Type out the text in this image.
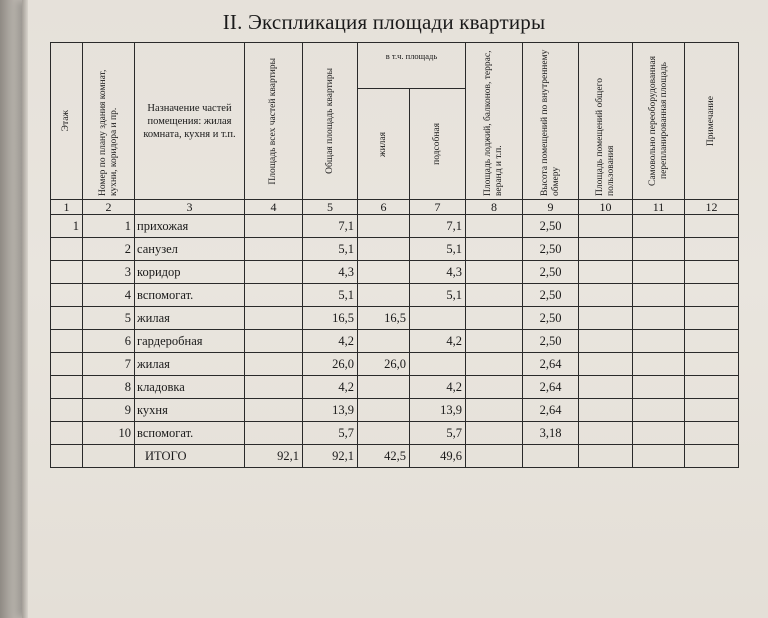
II. Экспликация площади квартиры
Этаж	Номер по плану здания комнат, кухни, коридора и пр.	Назначение частей помещения: жилая комната, кухня и т.п.	Площадь всех частей квартиры	Общая площадь квартиры	в т.ч. площадь		Площадь лоджий, балконов, террас, веранд и т.п.	Высота помещений по внутреннему обмеру	Площадь помещений общего пользования	Самовольно переоборудованная перепланированная площадь	Примечание

					жилая	подсобная					

1	2	3	4	5	6	7	8	9	10	11	12
1	1	прихожая		7,1		7,1		2,50			
	2	санузел		5,1		5,1		2,50			
	3	коридор		4,3		4,3		2,50			
	4	вспомогат.		5,1		5,1		2,50			
	5	жилая		16,5	16,5			2,50			
	6	гардеробная		4,2		4,2		2,50			
	7	жилая		26,0	26,0			2,64			
	8	кладовка		4,2		4,2		2,64			
	9	кухня		13,9		13,9		2,64			
	10	вспомогат.		5,7		5,7		3,18			
		ИТОГО	92,1	92,1	42,5	49,6					
